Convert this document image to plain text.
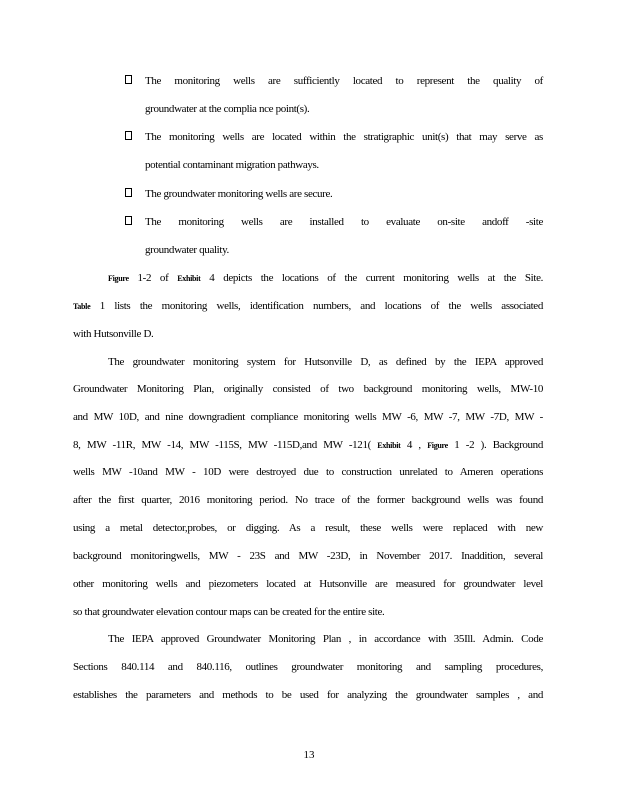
The monitoring wells are sufficiently located to represent the quality of
groundwater at the complia nce point(s).
The monitoring wells are located within the stratigraphic unit(s) that may serve as
potential contaminant migration pathways.
The groundwater monitoring wells are secure.
The monitoring wells are installed to evaluate on-site andoff -site
groundwater quality.
Figure 1-2 of Exhibit 4 depicts the locations of the current monitoring wells at the Site.
Table 1 lists the monitoring wells, identification numbers, and locations of the wells associated
with Hutsonville D.
The groundwater monitoring system for Hutsonville D, as defined by the IEPA approved
Groundwater Monitoring Plan, originally consisted of two background monitoring wells, MW-10
and MW 10D, and nine downgradient compliance monitoring wells MW -6, MW -7, MW -7D, MW -
8, MW -11R, MW -14, MW -115S, MW -115D,and MW -121( Exhibit 4 , Figure 1 -2 ). Background
wells MW -10and MW - 10D were destroyed due to construction unrelated to Ameren operations
after the first quarter, 2016 monitoring period. No trace of the former background wells was found
using a metal detector,probes, or digging. As a result, these wells were replaced with new
background monitoringwells, MW - 23S and MW -23D, in November 2017. Inaddition, several
other monitoring wells and piezometers located at Hutsonville are measured for groundwater level
so that groundwater elevation contour maps can be created for the entire site.
The IEPA approved Groundwater Monitoring Plan , in accordance with 35Ill. Admin. Code
Sections 840.114 and 840.116, outlines groundwater monitoring and sampling procedures,
establishes the parameters and methods to be used for analyzing the groundwater samples , and
13
